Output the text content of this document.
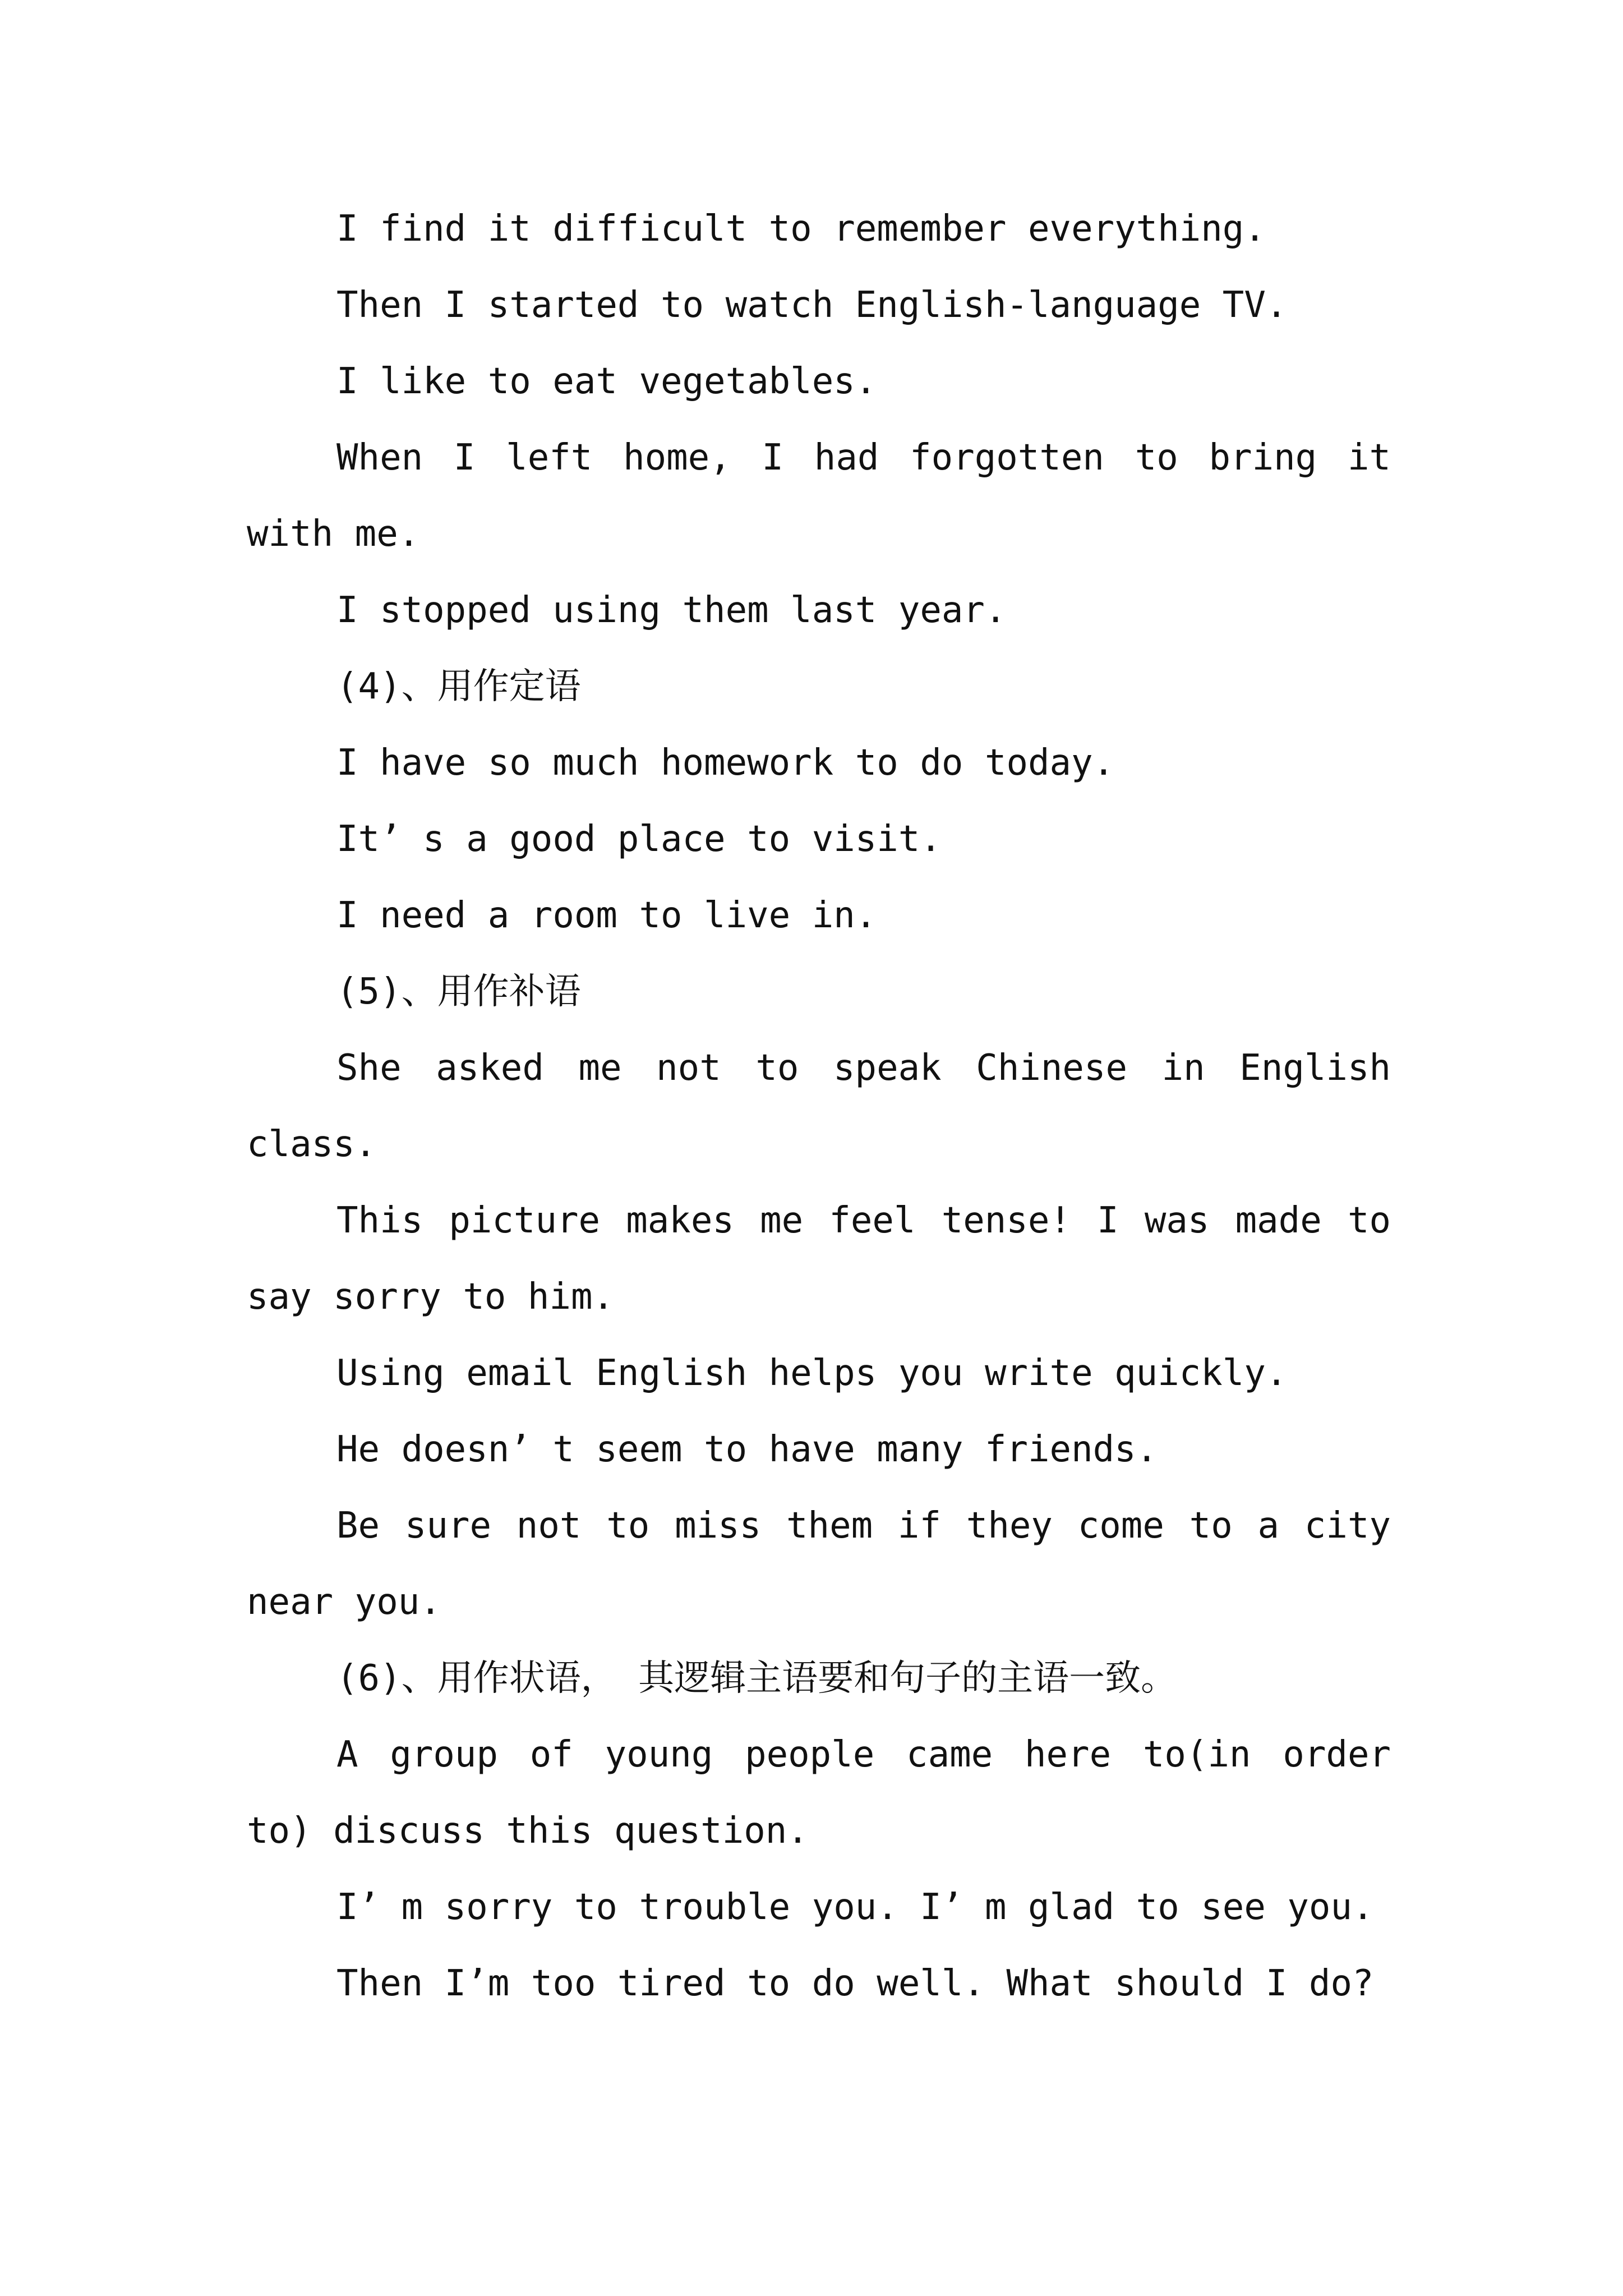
I find it difficult to remember everything.

Then I started to watch English-language TV.

I like to eat vegetables.

When I left home, I had forgotten to bring it with me.

I stopped using them last year.

(4)、用作定语

I have so much homework to do today.

It’ s a good place to visit.

I need a room to live in.

(5)、用作补语

She asked me not to speak Chinese in English class.

This picture makes me feel tense! I was made to say sorry to him.

Using email English helps you write quickly.

He doesn’ t seem to have many friends.

Be sure not to miss them if they come to a city near you.

(6)、用作状语， 其逻辑主语要和句子的主语一致。

A group of young people came here to(in order to) discuss this question.

I’ m sorry to trouble you. I’ m glad to see you.

Then I’m too tired to do well. What should I do?
